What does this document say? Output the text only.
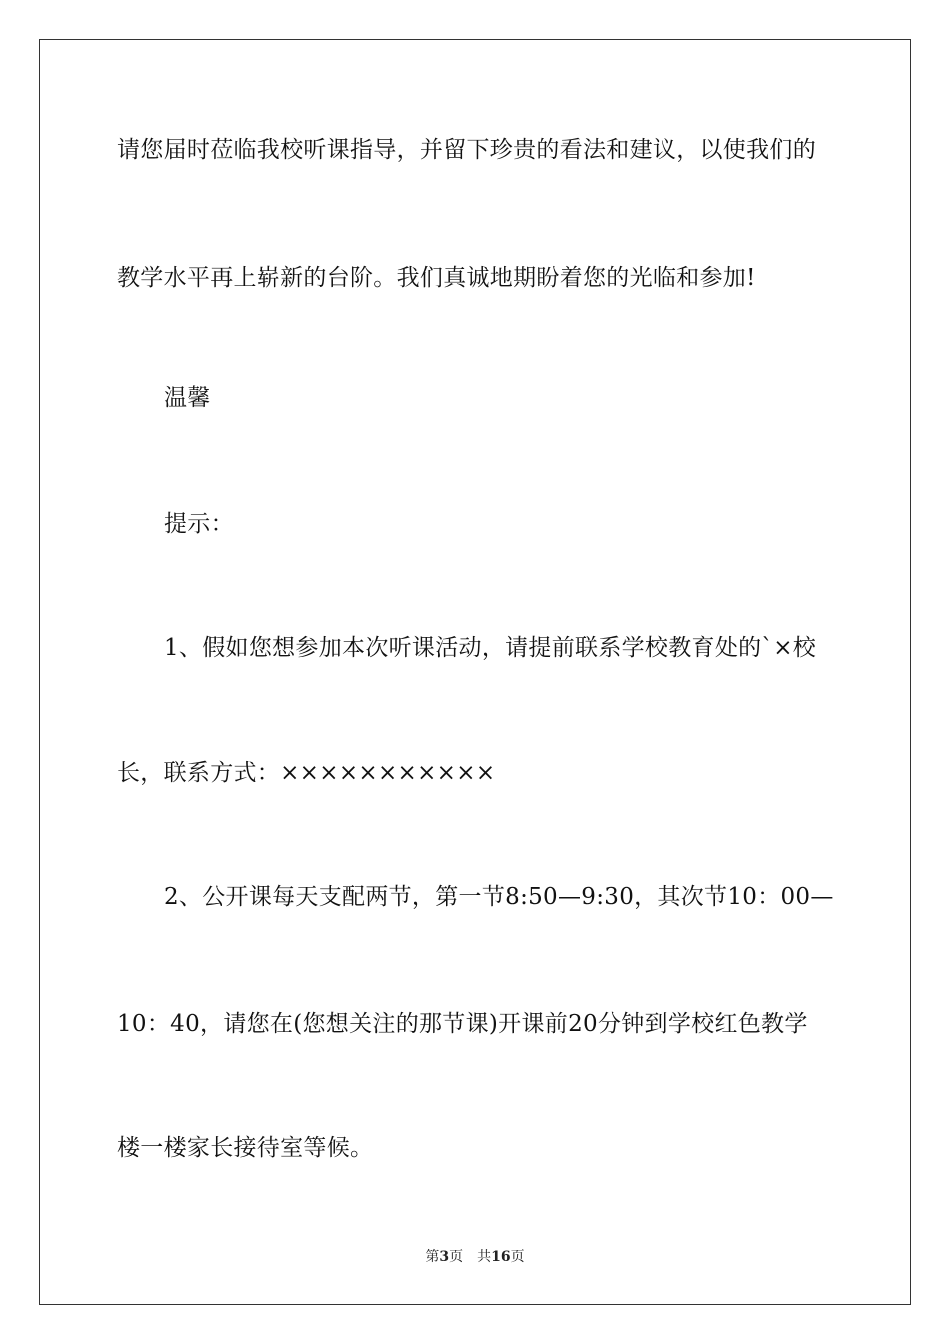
请您届时莅临我校听课指导，并留下珍贵的看法和建议，以使我们的
教学水平再上崭新的台阶。我们真诚地期盼着您的光临和参加!
温馨
提示：
1、假如您想参加本次听课活动，请提前联系学校教育处的`×校
长，联系方式：×××××××××××
2、公开课每天支配两节，第一节8:50—9:30，其次节10：00—
10：40，请您在(您想关注的那节课)开课前20分钟到学校红色教学
楼一楼家长接待室等候。
第3页 共16页
